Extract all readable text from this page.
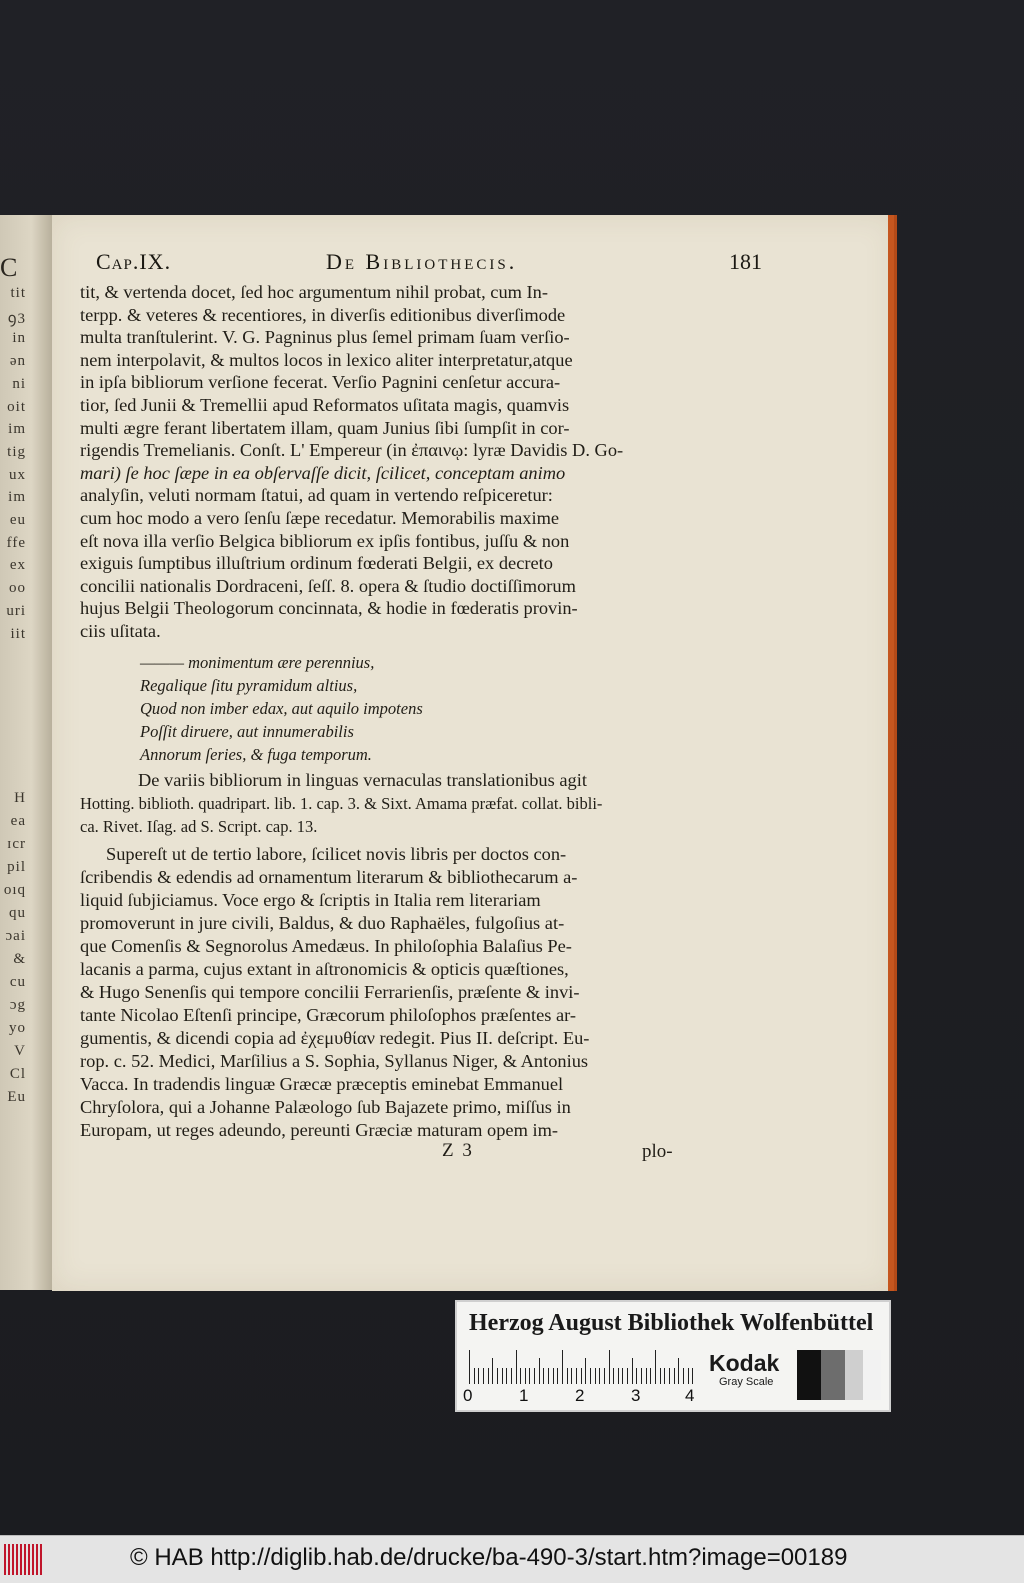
C
tit
ꝯ3
in
ən
ni
oit
im
tig
ux
im
eu
ffe
ex
oo
uri
iit
H
ea
ɪcr
pil
oıq
qu
ɔai
&
cu
ɔg
yo
V
Cl
Eu
Cap.IX.	De Bibliothecis.	181
tit, & vertenda docet, ſed hoc argumentum nihil probat, cum In-
terpp. & veteres & recentiores, in diverſis editionibus diverſimode
multa tranſtulerint. V. G. Pagninus plus ſemel primam ſuam verſio-
nem interpolavit, & multos locos in lexico aliter interpretatur,atque
in ipſa bibliorum verſione fecerat. Verſio Pagnini cenſetur accura-
tior, ſed Junii & Tremellii apud Reformatos uſitata magis, quamvis
multi ægre ferant libertatem illam, quam Junius ſibi ſumpſit in cor-
rigendis Tremelianis. Conſt. L' Empereur (in ἐπαινῳ: lyræ Davidis D. Go-
mari) ſe hoc ſæpe in ea obſervaſſe dicit, ſcilicet, conceptam animo
analyſin, veluti normam ſtatui, ad quam in vertendo reſpiceretur:
cum hoc modo a vero ſenſu ſæpe recedatur. Memorabilis maxime
eſt nova illa verſio Belgica bibliorum ex ipſis fontibus, juſſu & non
exiguis ſumptibus illuſtrium ordinum fœderati Belgii, ex decreto
concilii nationalis Dordraceni, ſeſſ. 8. opera & ſtudio doctiſſimorum
hujus Belgii Theologorum concinnata, & hodie in fœderatis provin-
ciis uſitata.
——— monimentum ære perennius,
Regalique ſitu pyramidum altius,
Quod non imber edax, aut aquilo impotens
Poſſit diruere, aut innumerabilis
Annorum ſeries, & fuga temporum.
De variis bibliorum in linguas vernaculas translationibus agit
Hotting. biblioth. quadripart. lib. 1. cap. 3. & Sixt. Amama præfat. collat. bibli-
ca. Rivet. Iſag. ad S. Script. cap. 13.
Supereſt ut de tertio labore, ſcilicet novis libris per doctos con-
ſcribendis & edendis ad ornamentum literarum & bibliothecarum a-
liquid ſubjiciamus. Voce ergo & ſcriptis in Italia rem literariam
promoverunt in jure civili, Baldus, & duo Raphaëles, fulgoſius at-
que Comenſis & Segnorolus Amedæus. In philoſophia Balaſius Pe-
lacanis a parma, cujus extant in aſtronomicis & opticis quæſtiones,
& Hugo Senenſis qui tempore concilii Ferrarienſis, præſente & invi-
tante Nicolao Eſtenſi principe, Græcorum philoſophos præſentes ar-
gumentis, & dicendi copia ad ἐχεμυθίαν redegit. Pius II. deſcript. Eu-
rop. c. 52. Medici, Marſilius a S. Sophia, Syllanus Niger, & Antonius
Vacca. In tradendis linguæ Græcæ præceptis eminebat Emmanuel
Chryſolora, qui a Johanne Palæologo ſub Bajazete primo, miſſus in
Europam, ut reges adeundo, pereunti Græciæ maturam opem im-
Z 3	plo-
Herzog August Bibliothek Wolfenbüttel
0	1	2	3	4
Kodak
Gray Scale
© HAB http://diglib.hab.de/drucke/ba-490-3/start.htm?image=00189
